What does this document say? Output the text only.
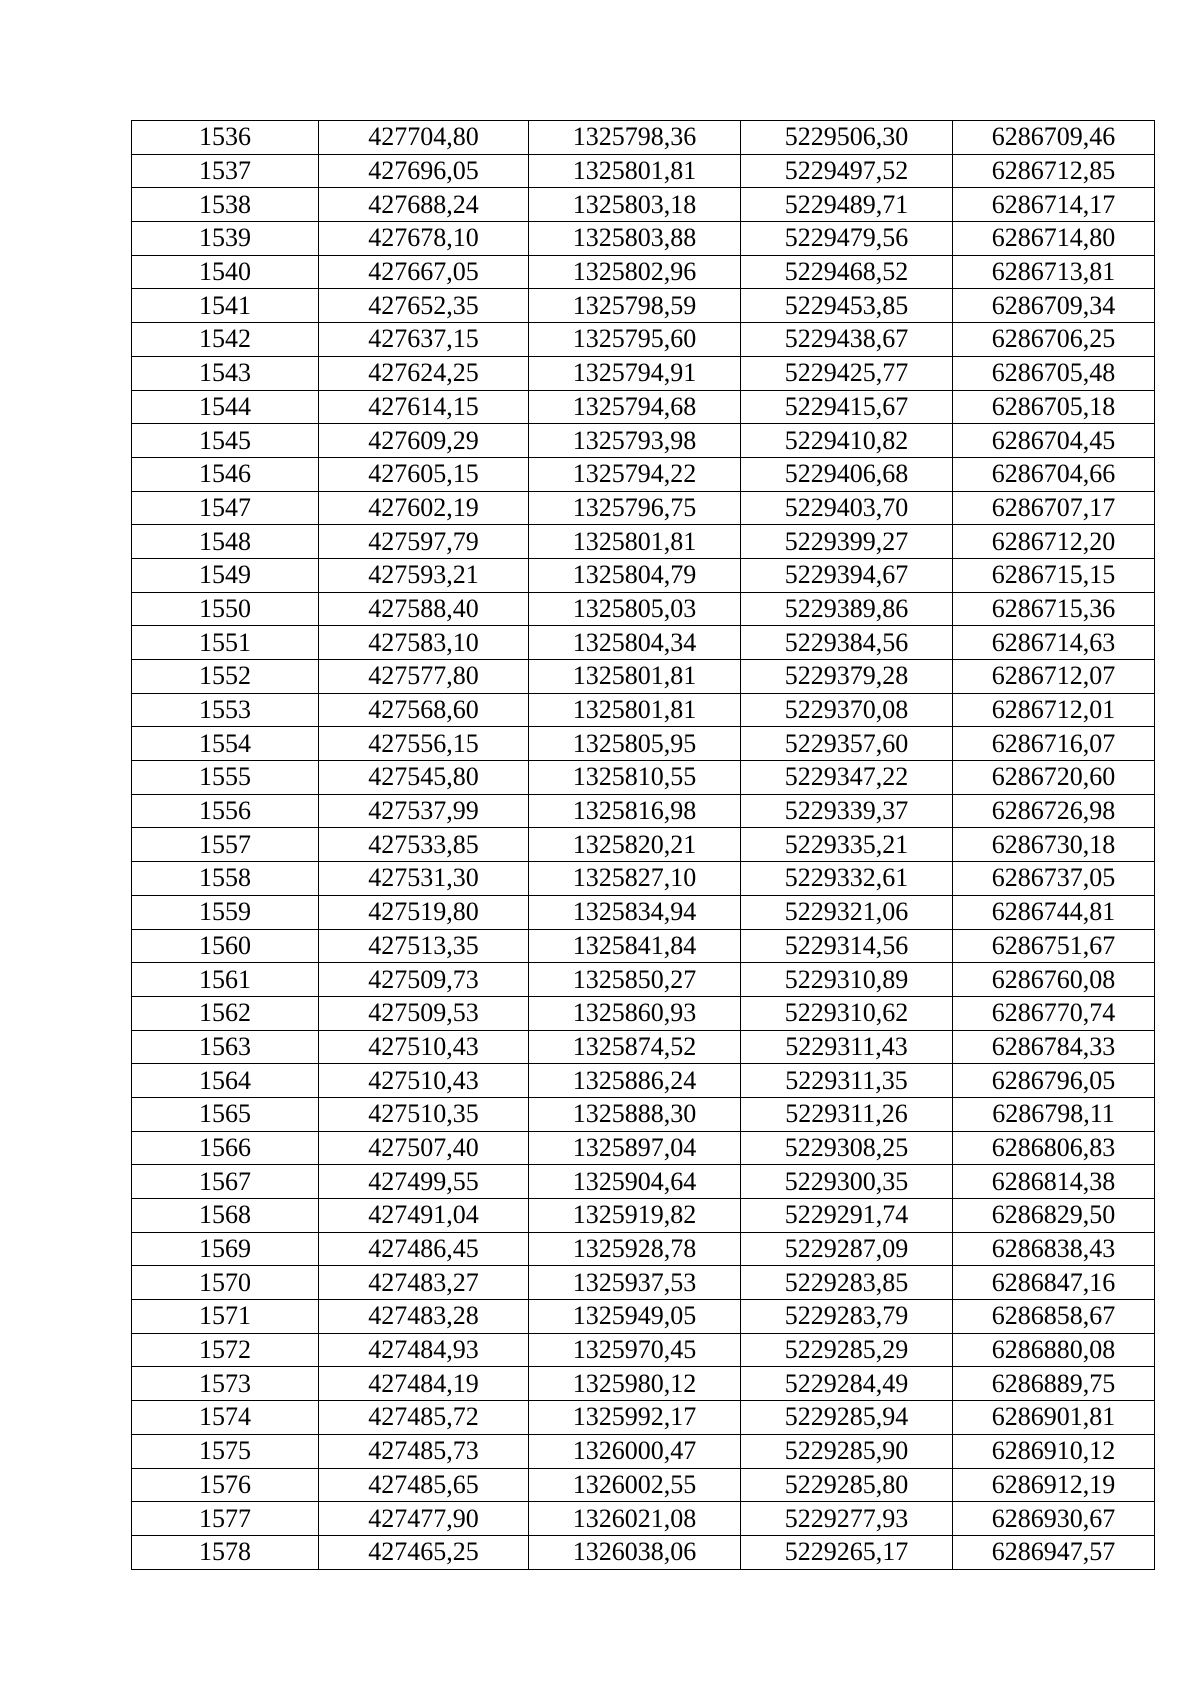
1536	427704,80	1325798,36	5229506,30	6286709,46
1537	427696,05	1325801,81	5229497,52	6286712,85
1538	427688,24	1325803,18	5229489,71	6286714,17
1539	427678,10	1325803,88	5229479,56	6286714,80
1540	427667,05	1325802,96	5229468,52	6286713,81
1541	427652,35	1325798,59	5229453,85	6286709,34
1542	427637,15	1325795,60	5229438,67	6286706,25
1543	427624,25	1325794,91	5229425,77	6286705,48
1544	427614,15	1325794,68	5229415,67	6286705,18
1545	427609,29	1325793,98	5229410,82	6286704,45
1546	427605,15	1325794,22	5229406,68	6286704,66
1547	427602,19	1325796,75	5229403,70	6286707,17
1548	427597,79	1325801,81	5229399,27	6286712,20
1549	427593,21	1325804,79	5229394,67	6286715,15
1550	427588,40	1325805,03	5229389,86	6286715,36
1551	427583,10	1325804,34	5229384,56	6286714,63
1552	427577,80	1325801,81	5229379,28	6286712,07
1553	427568,60	1325801,81	5229370,08	6286712,01
1554	427556,15	1325805,95	5229357,60	6286716,07
1555	427545,80	1325810,55	5229347,22	6286720,60
1556	427537,99	1325816,98	5229339,37	6286726,98
1557	427533,85	1325820,21	5229335,21	6286730,18
1558	427531,30	1325827,10	5229332,61	6286737,05
1559	427519,80	1325834,94	5229321,06	6286744,81
1560	427513,35	1325841,84	5229314,56	6286751,67
1561	427509,73	1325850,27	5229310,89	6286760,08
1562	427509,53	1325860,93	5229310,62	6286770,74
1563	427510,43	1325874,52	5229311,43	6286784,33
1564	427510,43	1325886,24	5229311,35	6286796,05
1565	427510,35	1325888,30	5229311,26	6286798,11
1566	427507,40	1325897,04	5229308,25	6286806,83
1567	427499,55	1325904,64	5229300,35	6286814,38
1568	427491,04	1325919,82	5229291,74	6286829,50
1569	427486,45	1325928,78	5229287,09	6286838,43
1570	427483,27	1325937,53	5229283,85	6286847,16
1571	427483,28	1325949,05	5229283,79	6286858,67
1572	427484,93	1325970,45	5229285,29	6286880,08
1573	427484,19	1325980,12	5229284,49	6286889,75
1574	427485,72	1325992,17	5229285,94	6286901,81
1575	427485,73	1326000,47	5229285,90	6286910,12
1576	427485,65	1326002,55	5229285,80	6286912,19
1577	427477,90	1326021,08	5229277,93	6286930,67
1578	427465,25	1326038,06	5229265,17	6286947,57
